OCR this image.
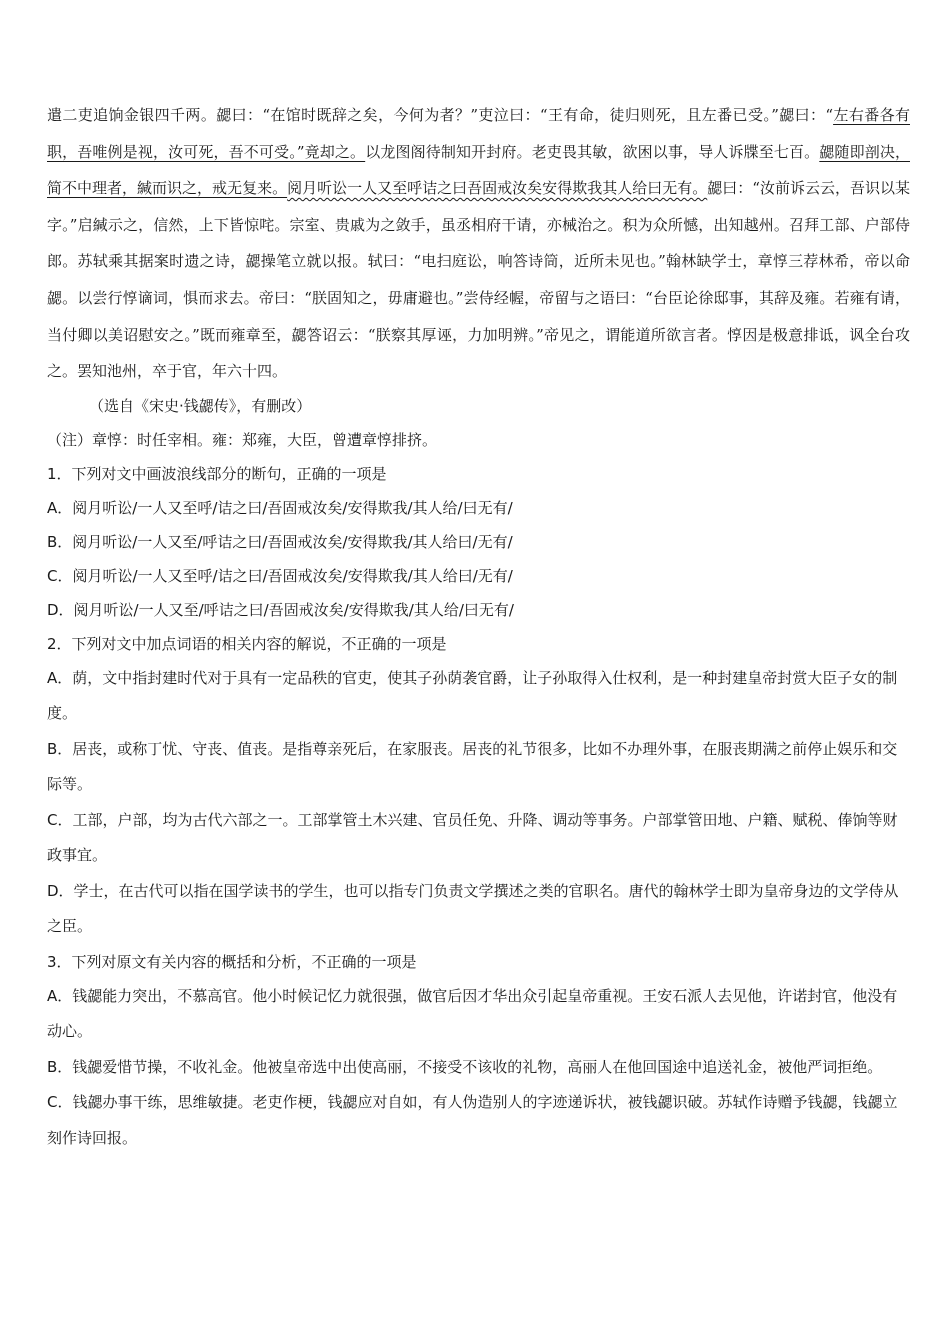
遣二吏追饷金银四千两。勰曰：“在馆时既辞之矣，今何为者？”吏泣曰：“王有命，徒归则死，且左番已受。”勰曰：“左右番各有职，吾唯例是视，汝可死，吾不可受。”竟却之。以龙图阁待制知开封府。老吏畏其敏，欲困以事，导人诉牒至七百。勰随即剖决，简不中理者，緘而识之，戒无复来。阅月听讼一人又至呼诘之曰吾固戒汝矣安得欺我其人给曰无有。勰曰：“汝前诉云云，吾识以某字。”启緘示之，信然，上下皆惊咤。宗室、贵戚为之敛手，虽丞相府干请，亦械治之。积为众所憾，出知越州。召拜工部、户部侍郎。苏轼乘其据案时遗之诗，勰操笔立就以报。轼曰：“电扫庭讼，响答诗筒，近所未见也。”翰林缺学士，章惇三荐林希，帝以命勰。以尝行惇谪词，惧而求去。帝曰：“朕固知之，毋庸避也。”尝侍经幄，帝留与之语曰：“台臣论徐邸事，其辞及雍。若雍有请，当付卿以美诏慰安之。”既而雍章至，勰答诏云：“朕察其厚诬，力加明辨。”帝见之，谓能道所欲言者。惇因是极意排诋，讽全台攻之。罢知池州，卒于官，年六十四。

（选自《宋史·钱勰传》，有删改）

（注）章惇：时任宰相。雍：郑雍，大臣，曾遭章惇排挤。

1．下列对文中画波浪线部分的断句，正确的一项是

A．阅月听讼/一人又至呼/诘之曰/吾固戒汝矣/安得欺我/其人给/曰无有/

B．阅月听讼/一人又至/呼诘之曰/吾固戒汝矣/安得欺我/其人给曰/无有/

C．阅月听讼/一人又至呼/诘之曰/吾固戒汝矣/安得欺我/其人给曰/无有/

D．阅月听讼/一人又至/呼诘之曰/吾固戒汝矣/安得欺我/其人给/曰无有/

2．下列对文中加点词语的相关内容的解说，不正确的一项是

A．荫，文中指封建时代对于具有一定品秩的官吏，使其子孙荫袭官爵，让子孙取得入仕权利，是一种封建皇帝封赏大臣子女的制度。

B．居丧，或称丁忧、守丧、值丧。是指尊亲死后，在家服丧。居丧的礼节很多，比如不办理外事，在服丧期满之前停止娱乐和交际等。

C．工部，户部，均为古代六部之一。工部掌管土木兴建、官员任免、升降、调动等事务。户部掌管田地、户籍、赋税、俸饷等财政事宜。

D．学士，在古代可以指在国学读书的学生，也可以指专门负责文学撰述之类的官职名。唐代的翰林学士即为皇帝身边的文学侍从之臣。

3．下列对原文有关内容的概括和分析，不正确的一项是

A．钱勰能力突出，不慕高官。他小时候记忆力就很强，做官后因才华出众引起皇帝重视。王安石派人去见他，许诺封官，他没有动心。

B．钱勰爱惜节操，不收礼金。他被皇帝选中出使高丽，不接受不该收的礼物，高丽人在他回国途中追送礼金，被他严词拒绝。

C．钱勰办事干练，思维敏捷。老吏作梗，钱勰应对自如，有人伪造别人的字迹递诉状，被钱勰识破。苏轼作诗赠予钱勰，钱勰立刻作诗回报。
